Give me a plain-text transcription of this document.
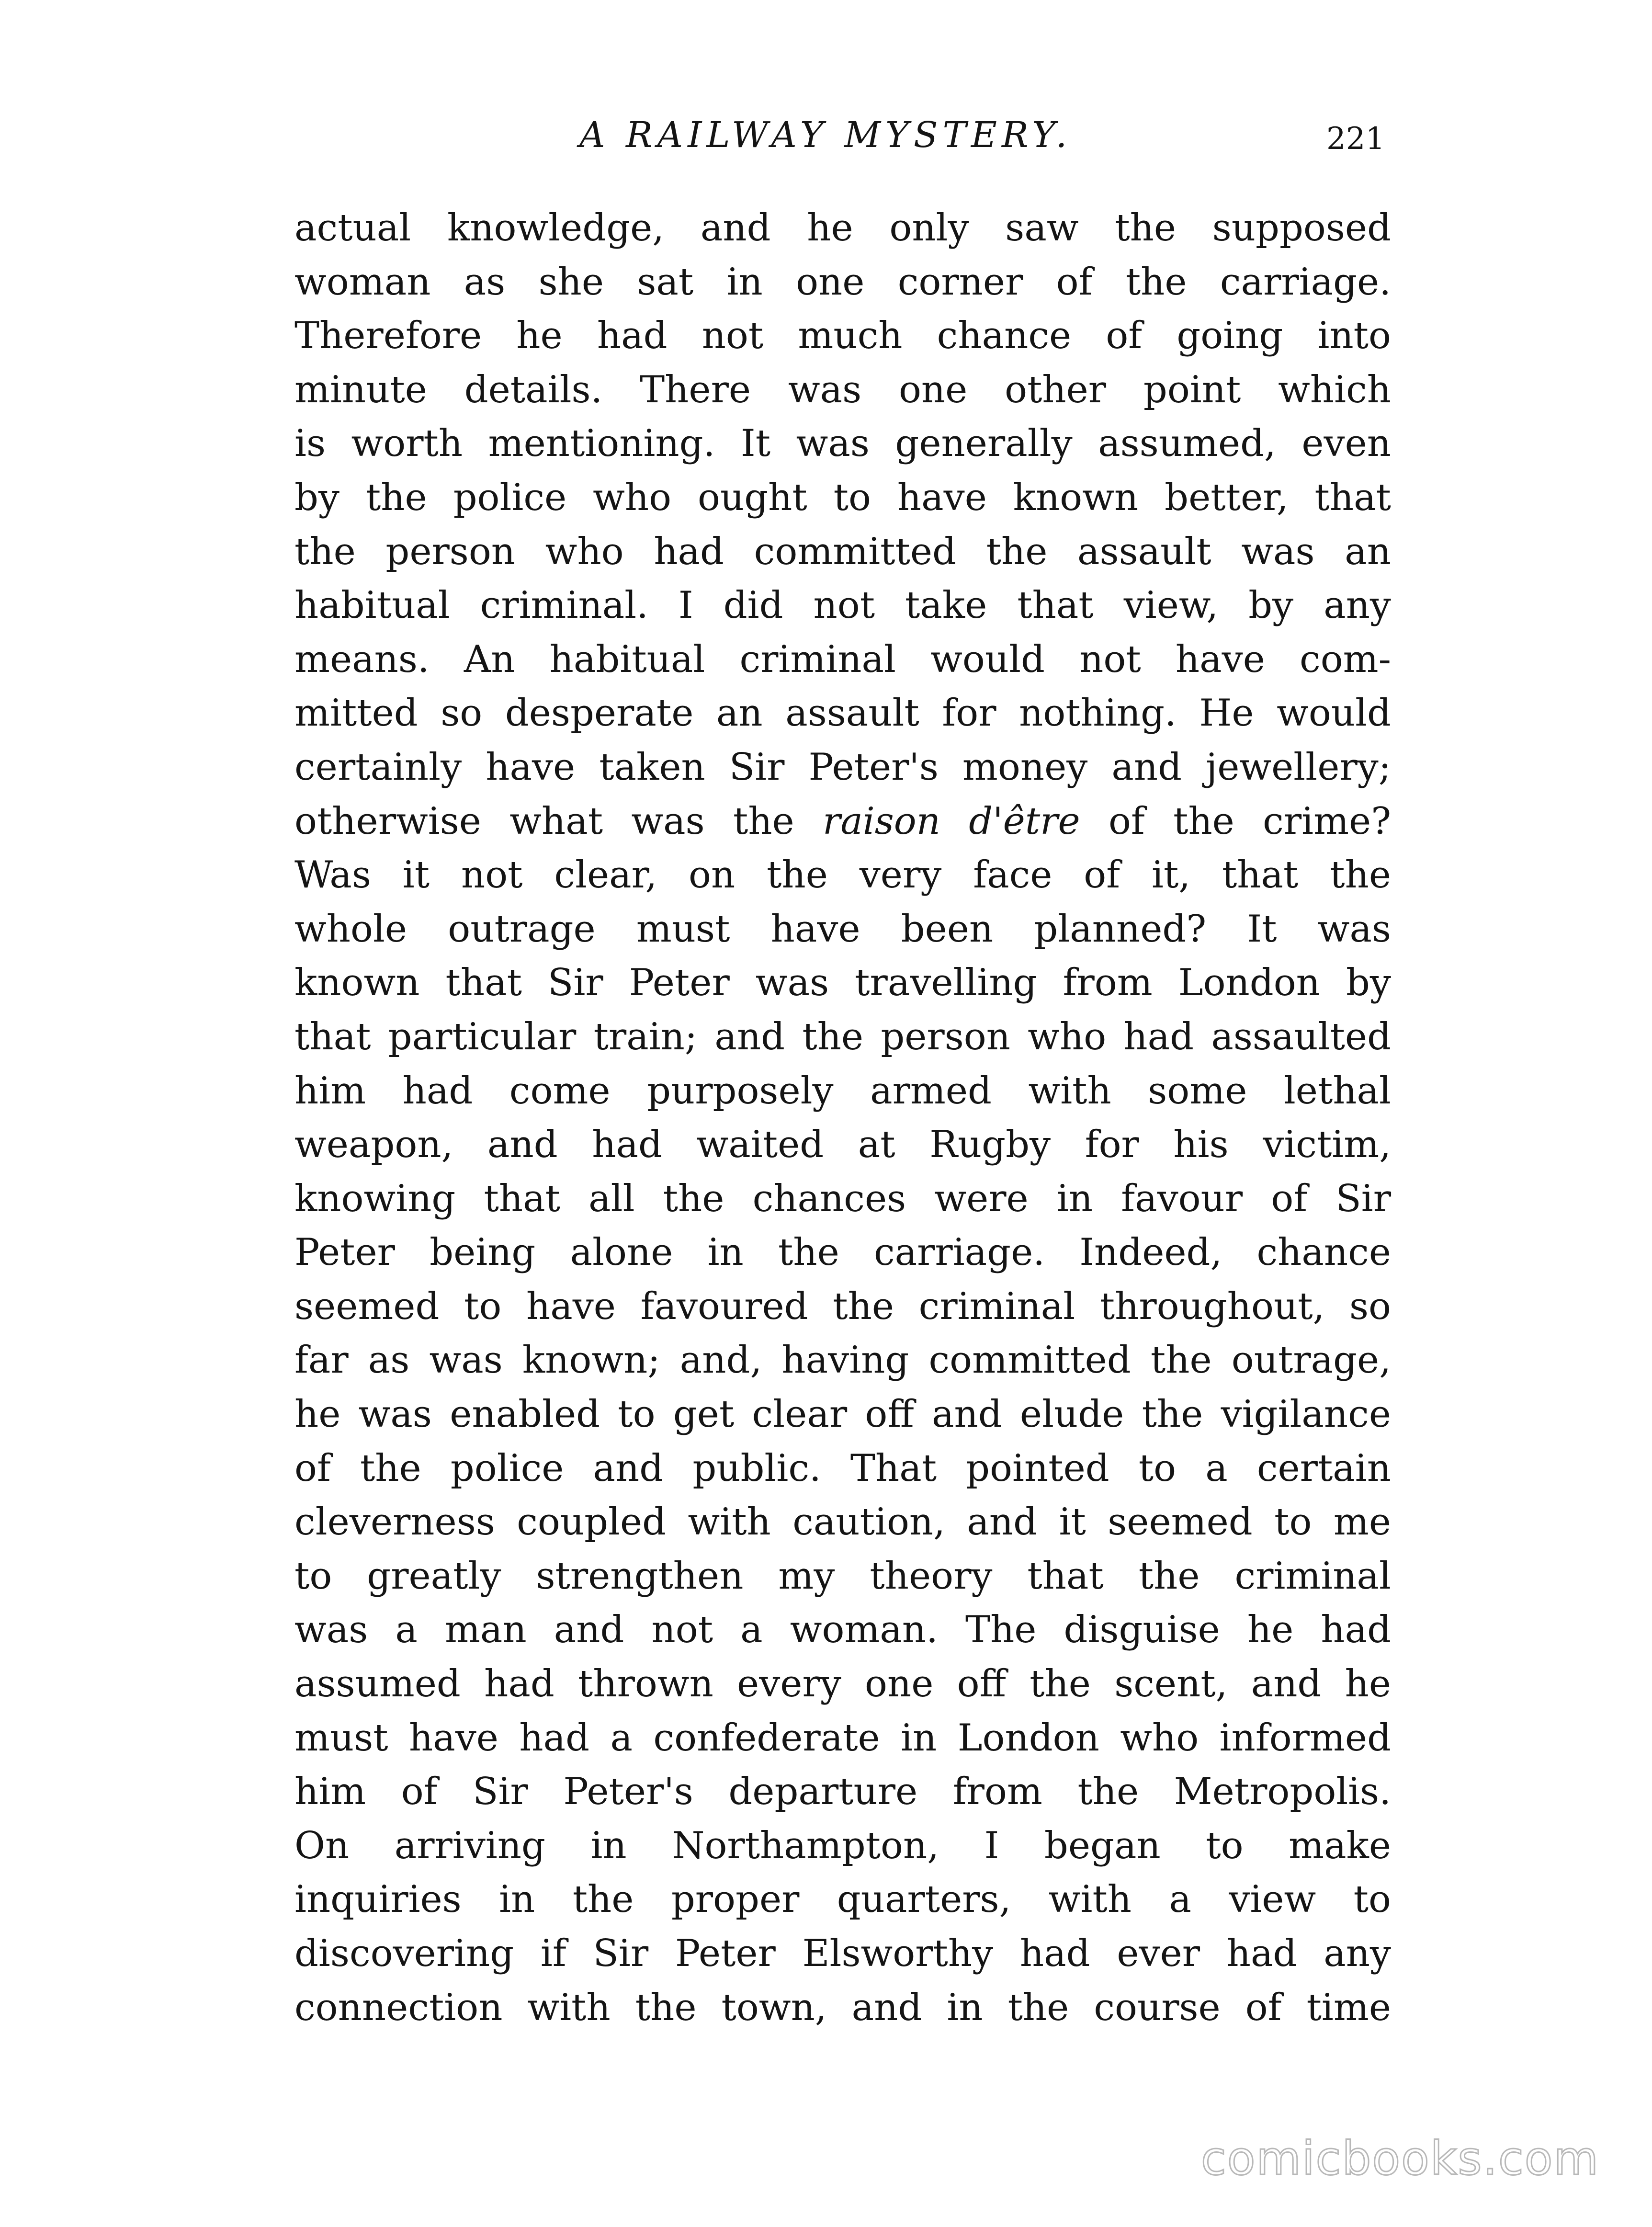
A RAILWAY MYSTERY.	221
actual knowledge, and he only saw the supposed
woman as she sat in one corner of the carriage.
Therefore he had not much chance of going into
minute details. There was one other point which
is worth mentioning. It was generally assumed, even
by the police who ought to have known better, that
the person who had committed the assault was an
habitual criminal. I did not take that view, by any
means. An habitual criminal would not have com-
mitted so desperate an assault for nothing. He would
certainly have taken Sir Peter's money and jewellery;
otherwise what was the raison d'être of the crime?
Was it not clear, on the very face of it, that the
whole outrage must have been planned? It was
known that Sir Peter was travelling from London by
that particular train; and the person who had assaulted
him had come purposely armed with some lethal
weapon, and had waited at Rugby for his victim,
knowing that all the chances were in favour of Sir
Peter being alone in the carriage. Indeed, chance
seemed to have favoured the criminal throughout, so
far as was known; and, having committed the outrage,
he was enabled to get clear off and elude the vigilance
of the police and public. That pointed to a certain
cleverness coupled with caution, and it seemed to me
to greatly strengthen my theory that the criminal
was a man and not a woman. The disguise he had
assumed had thrown every one off the scent, and he
must have had a confederate in London who informed
him of Sir Peter's departure from the Metropolis.
On arriving in Northampton, I began to make
inquiries in the proper quarters, with a view to
discovering if Sir Peter Elsworthy had ever had any
connection with the town, and in the course of time
comicbooks.com
